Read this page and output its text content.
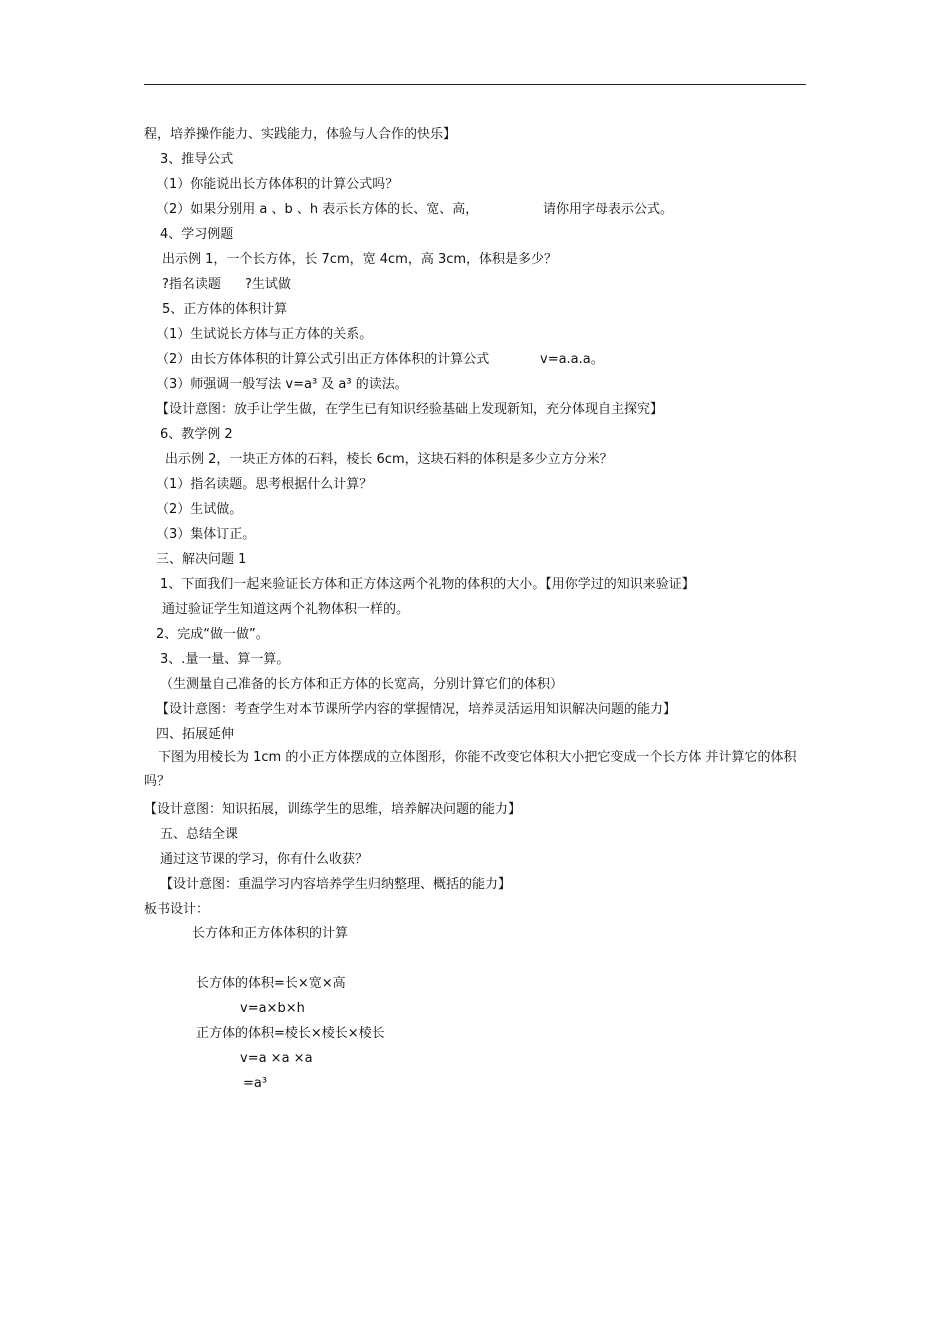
程，培养操作能力、实践能力，体验与人合作的快乐】
3、推导公式
（1）你能说出长方体体积的计算公式吗？
（2）如果分别用 a 、b 、h 表示长方体的长、宽、高，	请你用字母表示公式。
4、学习例题
出示例 1，一个长方体，长 7cm，宽 4cm，高 3cm，体积是多少？
?指名读题 ?生试做
5、正方体的体积计算
（1）生试说长方体与正方体的关系。
（2）由长方体体积的计算公式引出正方体体积的计算公式	v=a.a.a。
（3）师强调一般写法 v=a³ 及 a³ 的读法。
【设计意图：放手让学生做，在学生已有知识经验基础上发现新知，充分体现自主探究】
6、教学例 2
出示例 2，一块正方体的石料，棱长 6cm，这块石料的体积是多少立方分米？
（1）指名读题。思考根据什么计算？
（2）生试做。
（3）集体订正。
三、解决问题 1
1、下面我们一起来验证长方体和正方体这两个礼物的体积的大小。【用你学过的知识来验证】
通过验证学生知道这两个礼物体积一样的。
2、完成“做一做”。
3、.量一量、算一算。
（生测量自己准备的长方体和正方体的长宽高，分别计算它们的体积）
【设计意图：考查学生对本节课所学内容的掌握情况，培养灵活运用知识解决问题的能力】
四、拓展延伸
下图为用棱长为 1cm 的小正方体摆成的立体图形，你能不改变它体积大小把它变成一个长方体 并计算它的体积吗？
【设计意图：知识拓展，训练学生的思维，培养解决问题的能力】
五、总结全课
通过这节课的学习，你有什么收获？
【设计意图：重温学习内容培养学生归纳整理、概括的能力】
板书设计：
长方体和正方体体积的计算
长方体的体积=长×宽×高
v=a×b×h
正方体的体积=棱长×棱长×棱长
v=a ×a ×a
=a³
